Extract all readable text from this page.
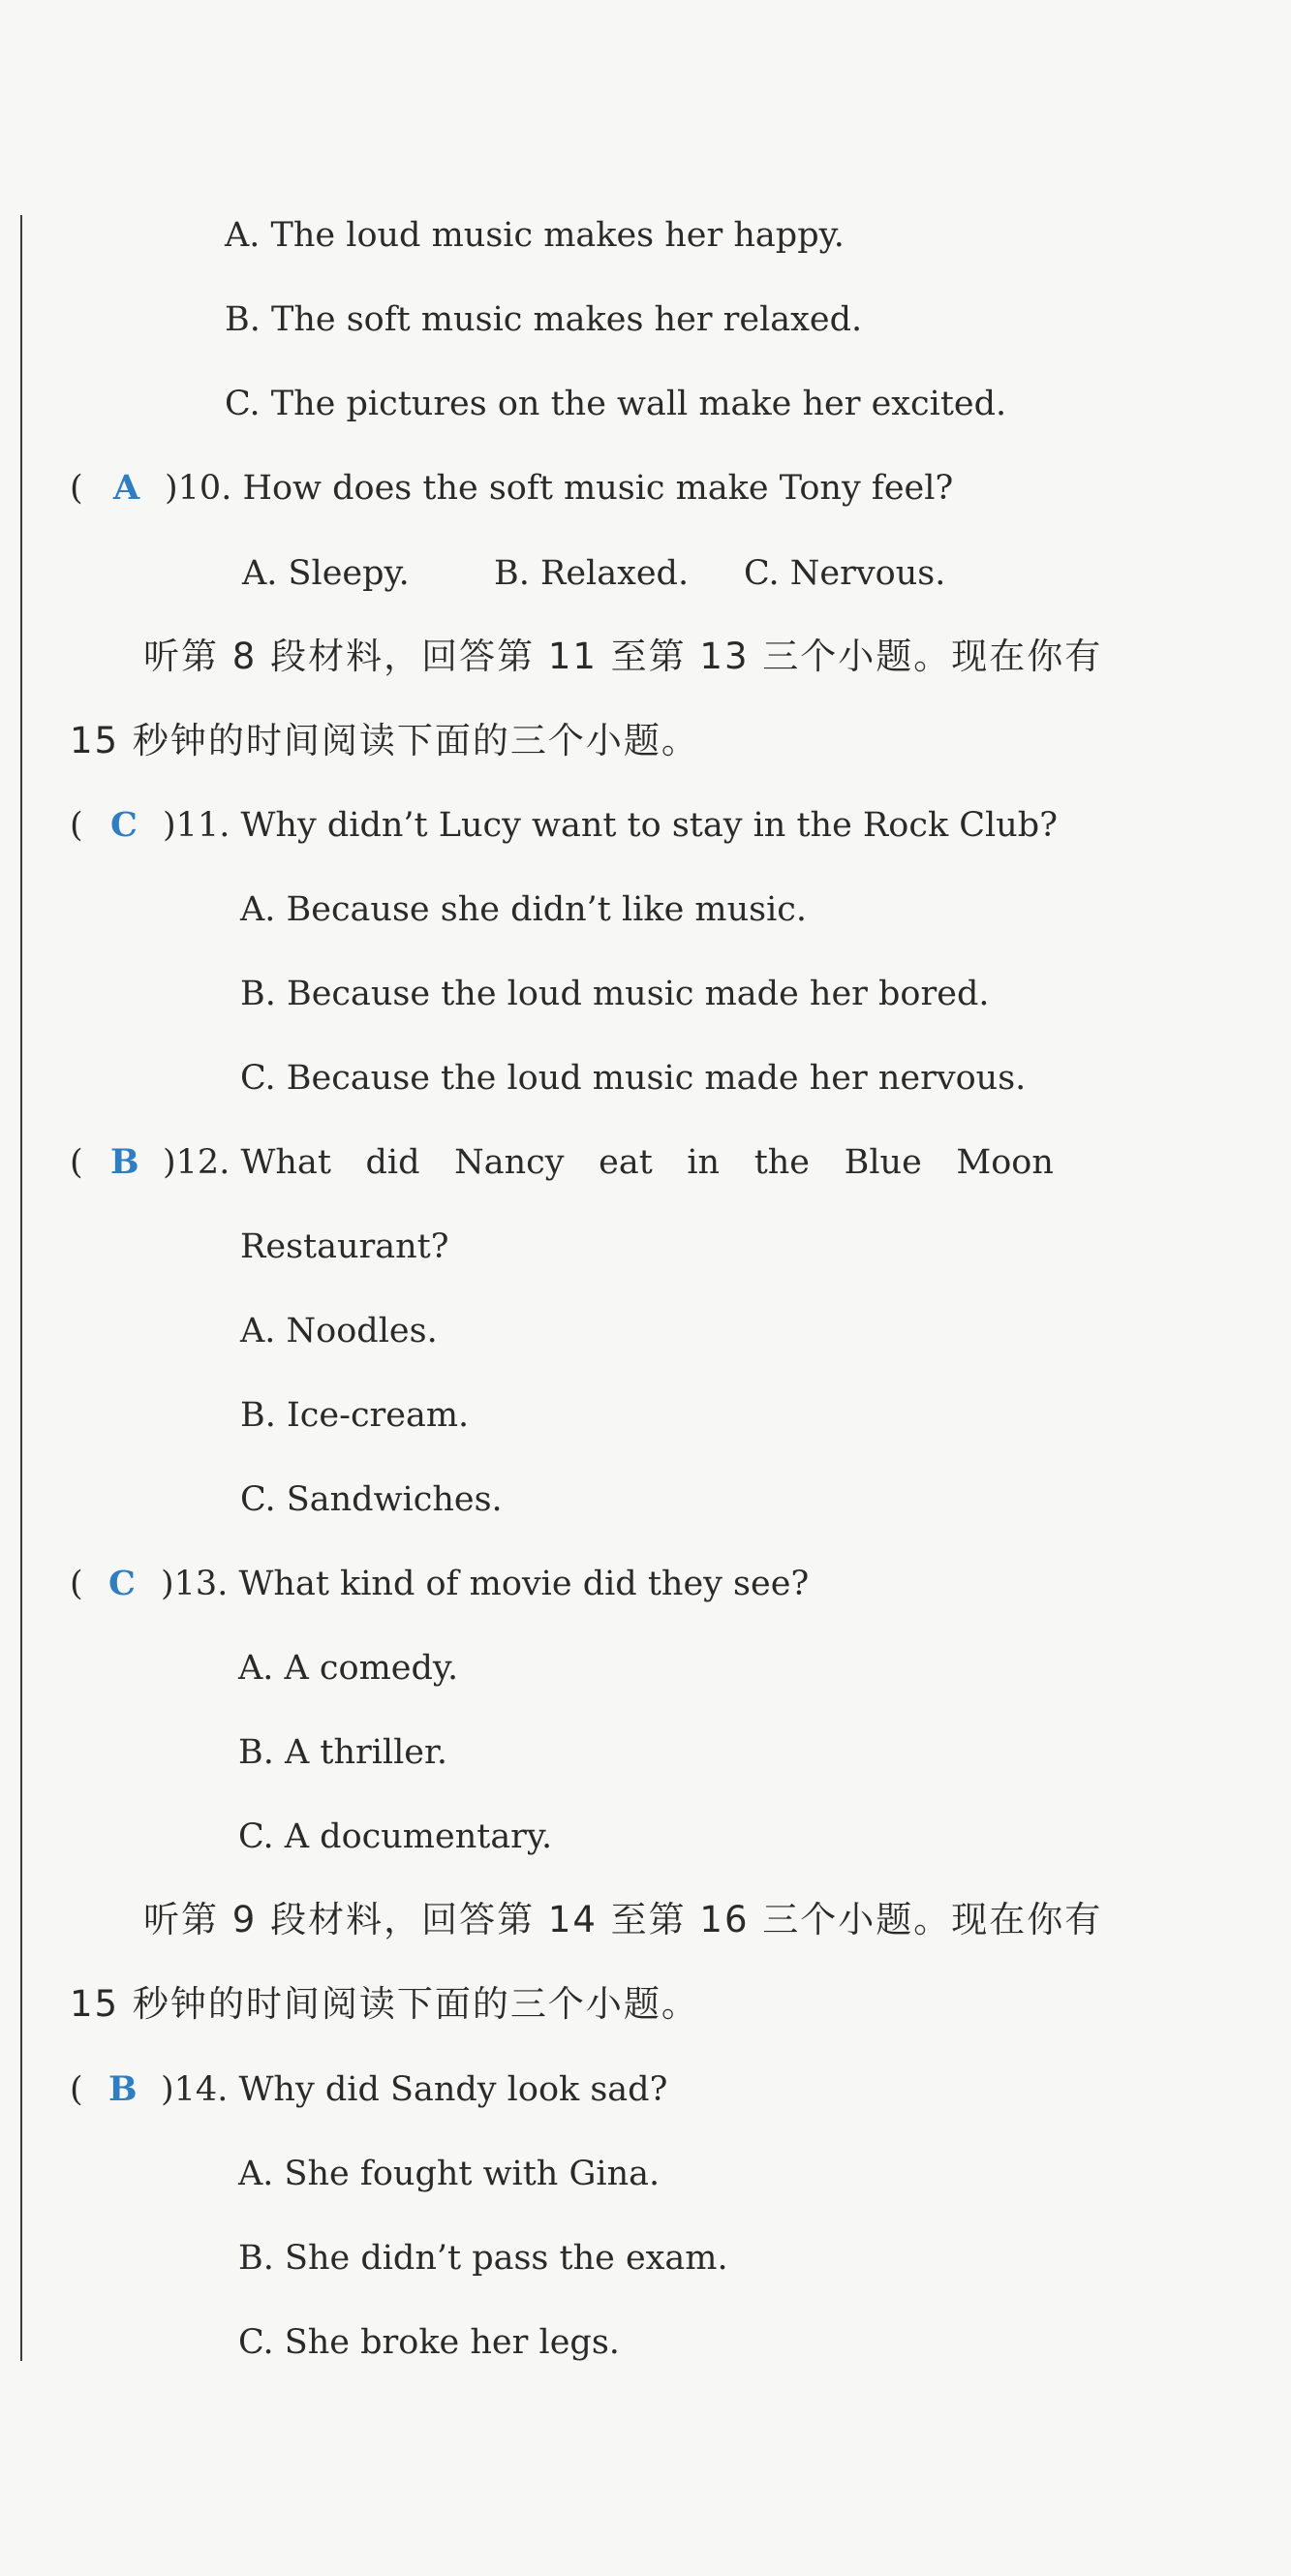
A. The loud music makes her happy.
B. The soft music makes her relaxed.
C. The pictures on the wall make her excited.
( A )10. How does the soft music make Tony feel?
A. Sleepy. B. Relaxed. C. Nervous.
听第 8 段材料，回答第 11 至第 13 三个小题。现在你有
15 秒钟的时间阅读下面的三个小题。
( C )11. Why didn’t Lucy want to stay in the Rock Club?
A. Because she didn’t like music.
B. Because the loud music made her bored.
C. Because the loud music made her nervous.
( B )12. What did Nancy eat in the Blue Moon
Restaurant?
A. Noodles.
B. Ice-cream.
C. Sandwiches.
( C )13. What kind of movie did they see?
A. A comedy.
B. A thriller.
C. A documentary.
听第 9 段材料，回答第 14 至第 16 三个小题。现在你有
15 秒钟的时间阅读下面的三个小题。
( B )14. Why did Sandy look sad?
A. She fought with Gina.
B. She didn’t pass the exam.
C. She broke her legs.
